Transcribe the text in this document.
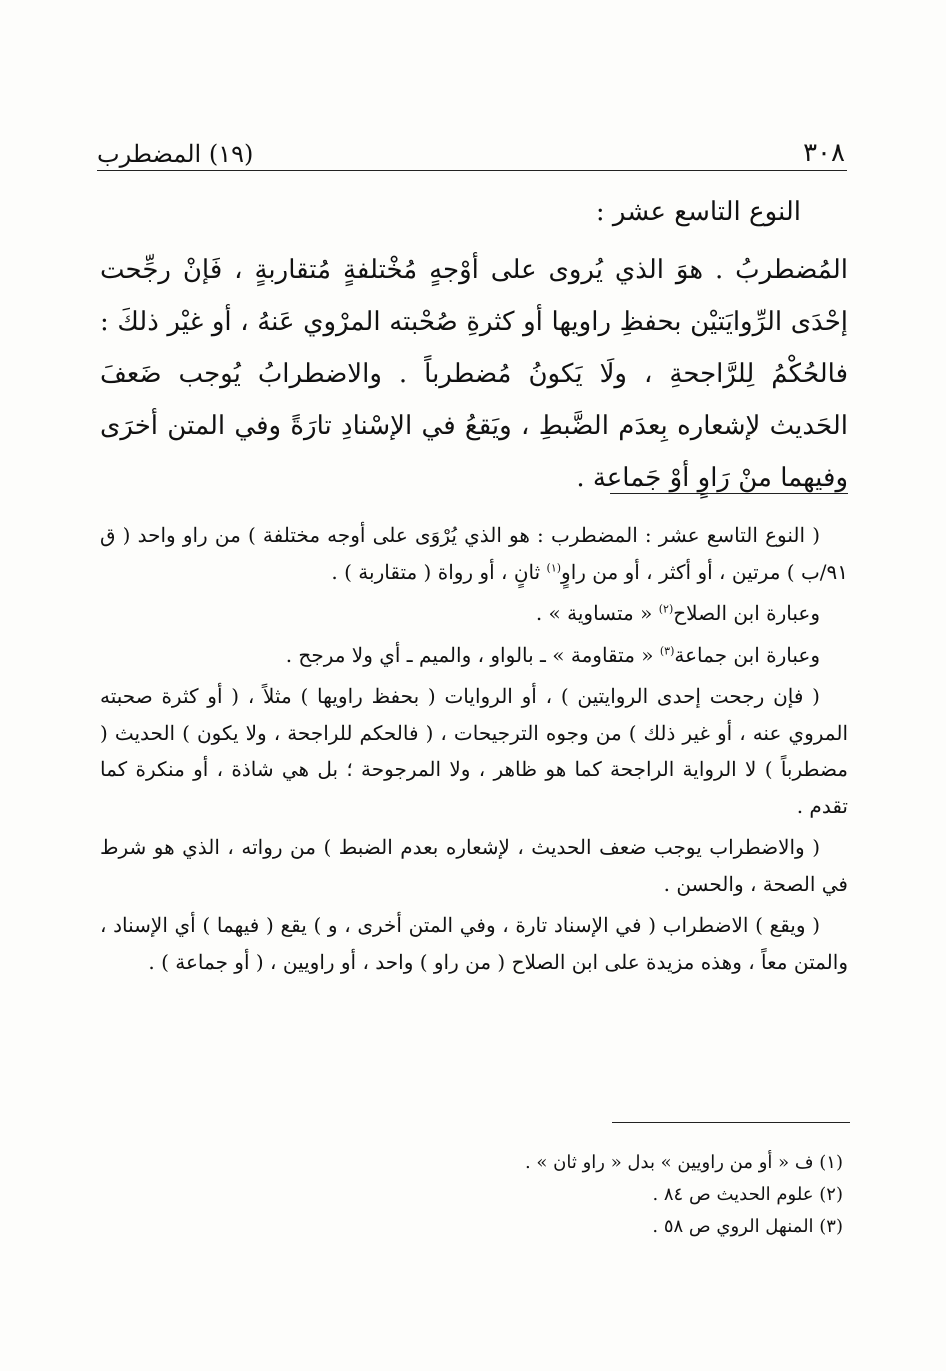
٣٠٨
(١٩) المضطرب
النوع التاسع عشر :
المُضطربُ . هوَ الذي يُروى على أوْجهٍ مُخْتلفةٍ مُتقاربةٍ ، فَإنْ رجِّحت إحْدَى الرِّوايَتيْن بحفظِ راويها أو كثرةِ صُحْبته المرْوي عَنهُ ، أو غيْر ذلكَ : فالحُكْمُ لِلرَّاجحةِ ، ولَا يَكونُ مُضطرباً . والاضطرابُ يُوجب ضَعفَ الحَديث لإشعاره بِعدَم الضَّبطِ ، ويَقعُ في الإسْنادِ تارَةً وفي المتن أخرَى وفيهما منْ رَاوٍ أوْ جَماعة .

( النوع التاسع عشر : المضطرب : هو الذي يُرْوَى على أوجه مختلفة ) من راو واحد ( ق ٩١/ب ) مرتين ، أو أكثر ، أو من راوٍ$^{(١)}$ ثانٍ ، أو رواة ( متقاربة ) .

وعبارة ابن الصلاح$^{(٢)}$ « متساوية » .

وعبارة ابن جماعة$^{(٣)}$ « متقاومة » ـ بالواو ، والميم ـ أي ولا مرجح .

( فإن رجحت إحدى الروايتين ) ، أو الروايات ( بحفظ راويها ) مثلاً ، ( أو كثرة صحبته المروي عنه ، أو غير ذلك ) من وجوه الترجيحات ، ( فالحكم للراجحة ، ولا يكون ) الحديث ( مضطرباً ) لا الرواية الراجحة كما هو ظاهر ، ولا المرجوحة ؛ بل هي شاذة ، أو منكرة كما تقدم .

( والاضطراب يوجب ضعف الحديث ، لإشعاره بعدم الضبط ) من رواته ، الذي هو شرط في الصحة ، والحسن .

( ويقع ) الاضطراب ( في الإسناد تارة ، وفي المتن أخرى ، و ) يقع ( فيهما ) أي الإسناد ، والمتن معاً ، وهذه مزيدة على ابن الصلاح ( من راو ) واحد ، أو راويين ، ( أو جماعة ) .

(١) ف « أو من راويين » بدل « راو ثان » .
(٢) علوم الحديث ص ٨٤ .
(٣) المنهل الروي ص ٥٨ .
